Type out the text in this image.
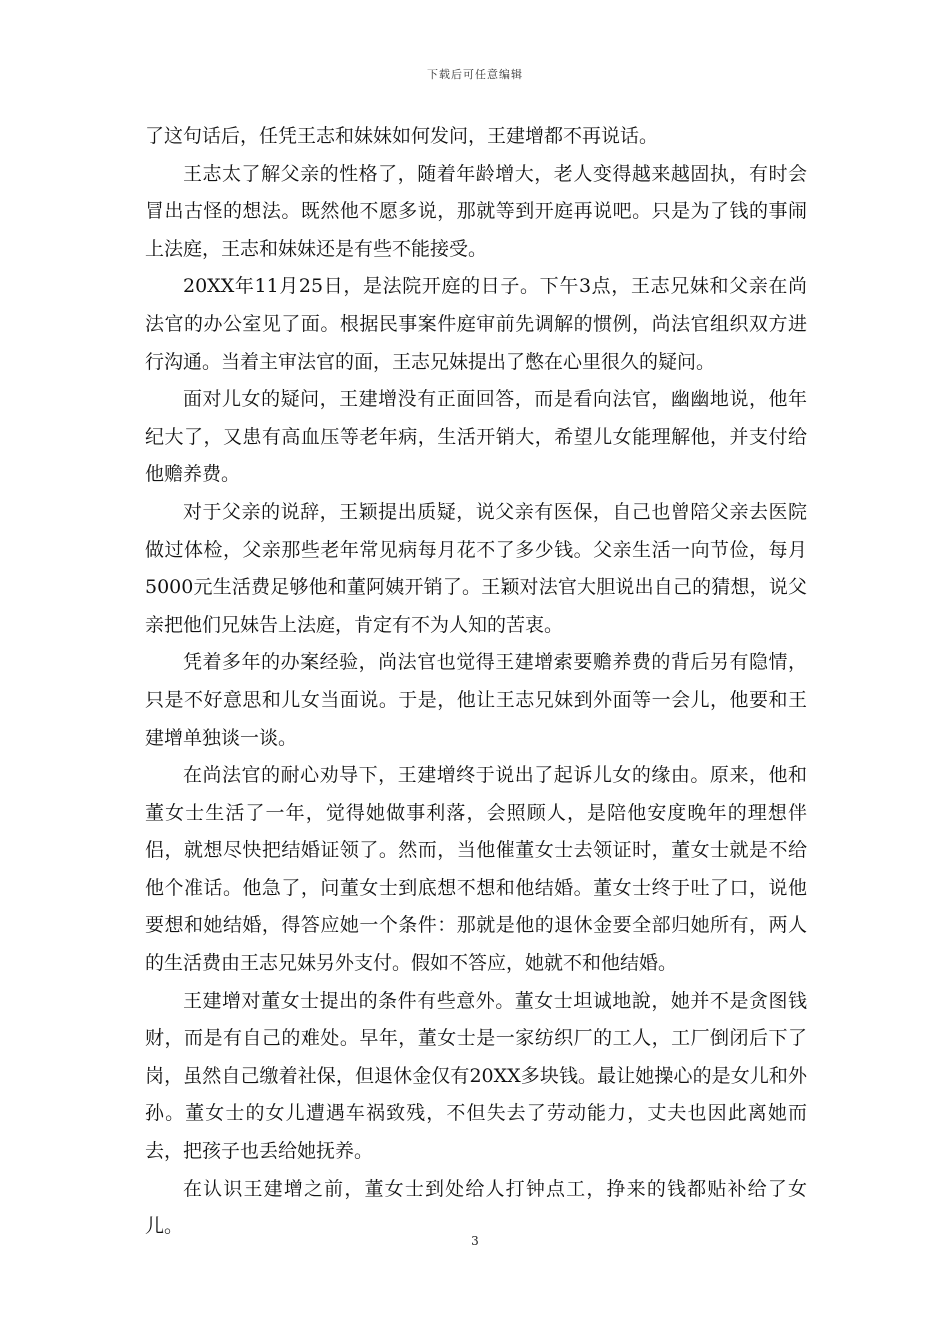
下载后可任意编辑

了这句话后，任凭王志和妹妹如何发问，王建增都不再说话。

王志太了解父亲的性格了，随着年龄增大，老人变得越来越固执，有时会冒出古怪的想法。既然他不愿多说，那就等到开庭再说吧。只是为了钱的事闹上法庭，王志和妹妹还是有些不能接受。

20XX年11月25日，是法院开庭的日子。下午3点，王志兄妹和父亲在尚法官的办公室见了面。根据民事案件庭审前先调解的惯例，尚法官组织双方进行沟通。当着主审法官的面，王志兄妹提出了憋在心里很久的疑问。

面对儿女的疑问，王建增没有正面回答，而是看向法官，幽幽地说，他年纪大了，又患有高血压等老年病，生活开销大，希望儿女能理解他，并支付给他赡养费。

对于父亲的说辞，王颖提出质疑，说父亲有医保，自己也曾陪父亲去医院做过体检，父亲那些老年常见病每月花不了多少钱。父亲生活一向节俭，每月5000元生活费足够他和董阿姨开销了。王颖对法官大胆说出自己的猜想，说父亲把他们兄妹告上法庭，肯定有不为人知的苦衷。

凭着多年的办案经验，尚法官也觉得王建增索要赡养费的背后另有隐情，只是不好意思和儿女当面说。于是，他让王志兄妹到外面等一会儿，他要和王建增单独谈一谈。

在尚法官的耐心劝导下，王建增终于说出了起诉儿女的缘由。原来，他和董女士生活了一年，觉得她做事利落，会照顾人，是陪他安度晚年的理想伴侣，就想尽快把结婚证领了。然而，当他催董女士去领证时，董女士就是不给他个准话。他急了，问董女士到底想不想和他结婚。董女士终于吐了口，说他要想和她结婚，得答应她一个条件：那就是他的退休金要全部归她所有，两人的生活费由王志兄妹另外支付。假如不答应，她就不和他结婚。

王建增对董女士提出的条件有些意外。董女士坦诚地說，她并不是贪图钱财，而是有自己的难处。早年，董女士是一家纺织厂的工人，工厂倒闭后下了岗，虽然自己缴着社保，但退休金仅有20XX多块钱。最让她操心的是女儿和外孙。董女士的女儿遭遇车祸致残，不但失去了劳动能力，丈夫也因此离她而去，把孩子也丢给她抚养。

在认识王建增之前，董女士到处给人打钟点工，挣来的钱都贴补给了女儿。

3
